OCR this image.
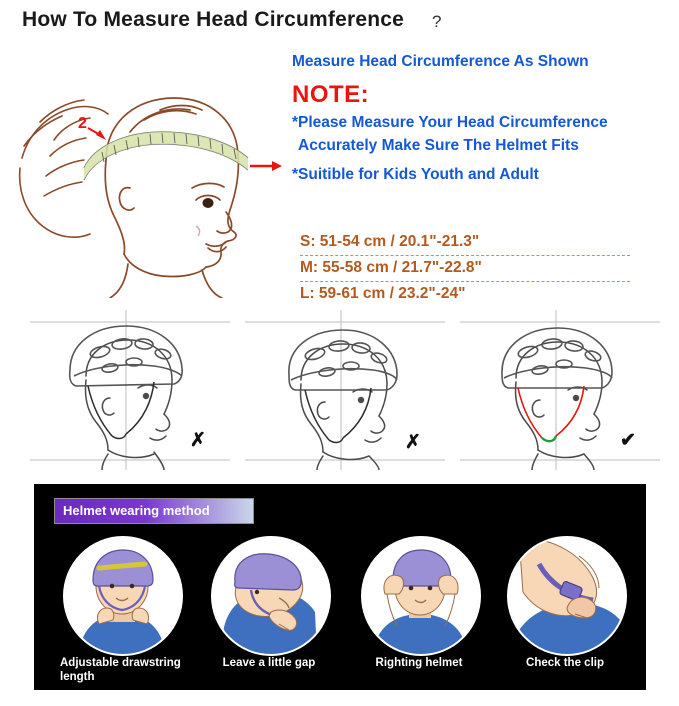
How To Measure Head Circumference ?
2
Measure Head Circumference As Shown
NOTE:
*Please Measure Your Head Circumference
Accurately Make Sure The Helmet Fits
*Suitible for Kids Youth and Adult
S: 51-54 cm / 20.1"-21.3"
M: 55-58 cm / 21.7"-22.8"
L: 59-61 cm / 23.2"-24"
✗	✗	✔
Helmet wearing method
Adjustable drawstring length
Leave a little gap	Righting helmet	Check the clip
